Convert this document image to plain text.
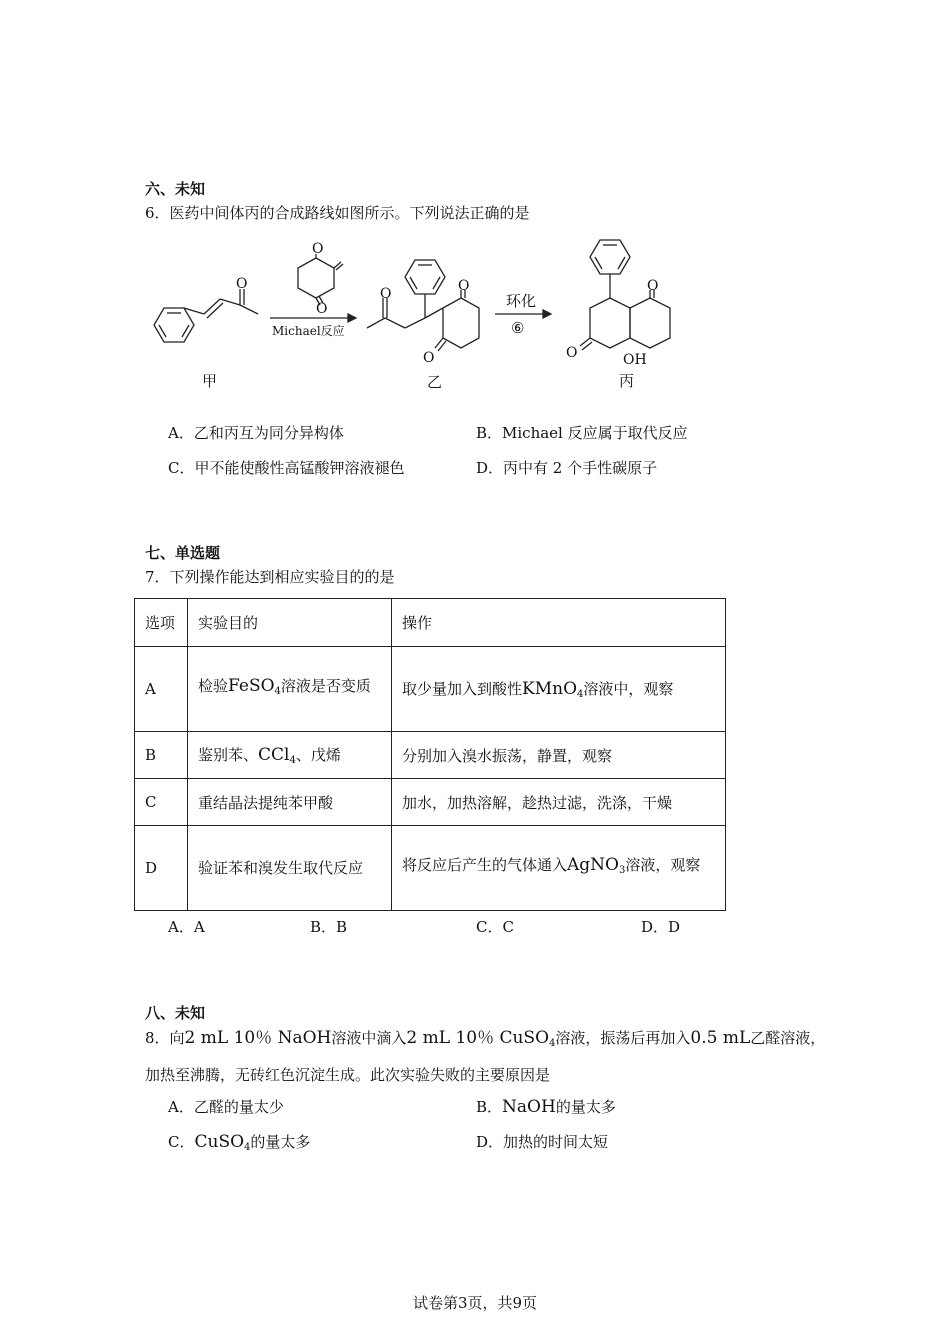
六、未知
6．医药中间体丙的合成路线如图所示。下列说法正确的是
O
O
O
Michael反应
O	O
O
环化
⑥
O
O	OH
甲	乙	丙
A．乙和丙互为同分异构体	B．Michael 反应属于取代反应
C．甲不能使酸性高锰酸钾溶液褪色	D．丙中有 2 个手性碳原子
七、单选题
7．下列操作能达到相应实验目的的是
选项	实验目的	操作
A	检验FeSO$_4$溶液是否变质	取少量加入到酸性KMnO$_4$溶液中，观察
B	鉴别苯、CCl$_4$、戊烯	分别加入溴水振荡，静置，观察
C	重结晶法提纯苯甲酸	加水，加热溶解，趁热过滤，洗涤，干燥
D	验证苯和溴发生取代反应	将反应后产生的气体通入AgNO$_3$溶液，观察
A．A	B．B	C．C	D．D
八、未知
8．向2 mL 10％ NaOH溶液中滴入2 mL 10％ CuSO$_4$溶液，振荡后再加入0.5 mL乙醛溶液，
加热至沸腾，无砖红色沉淀生成。此次实验失败的主要原因是
A．乙醛的量太少	B．NaOH的量太多
C．CuSO$_4$的量太多	D．加热的时间太短
试卷第3页，共9页
